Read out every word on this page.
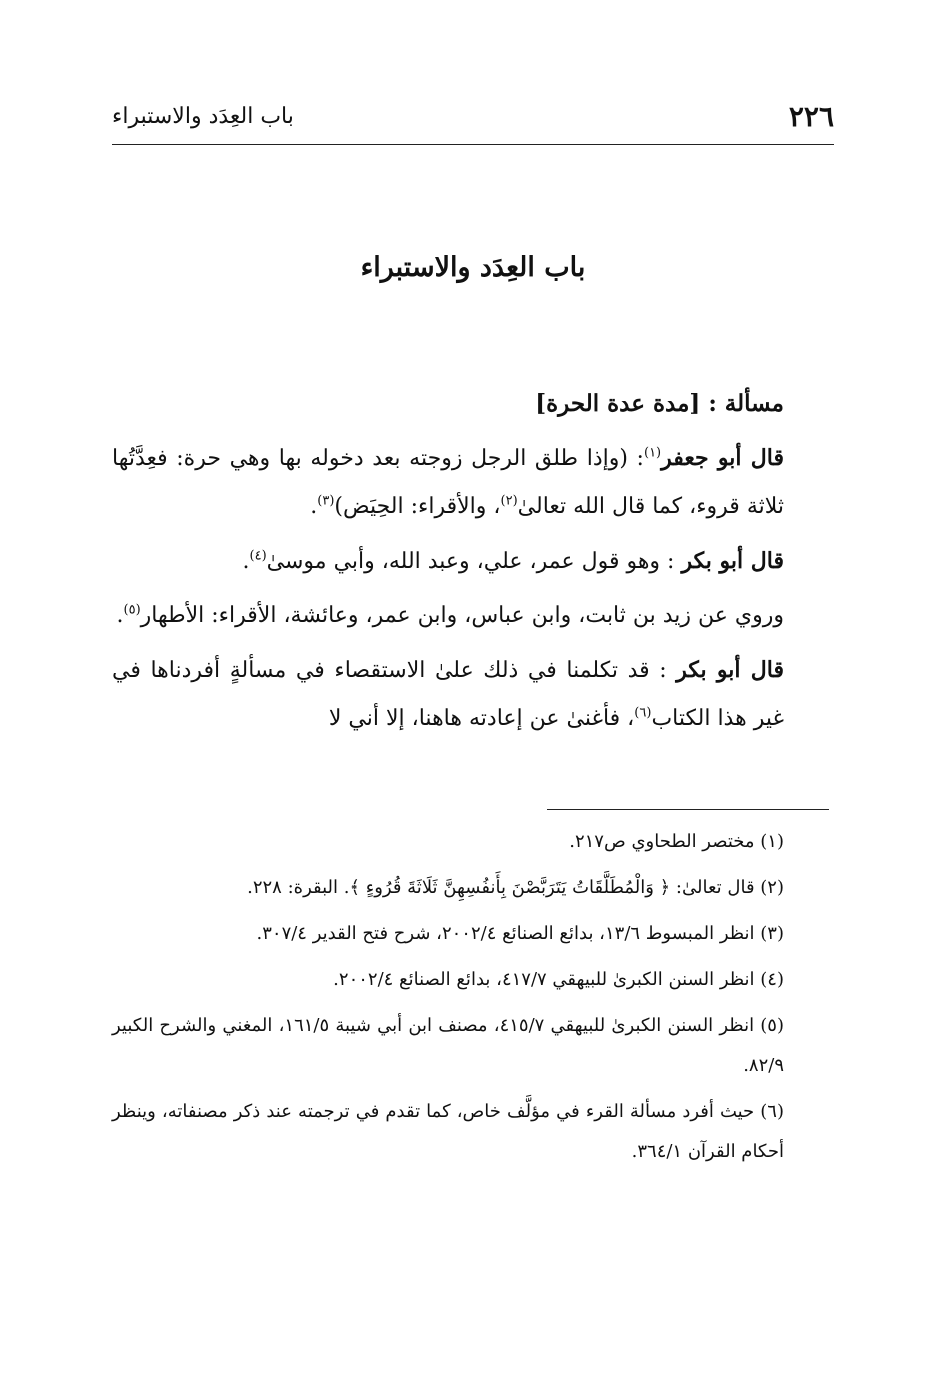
٢٢٦
باب العِدَد والاستبراء
باب العِدَد والاستبراء

مسألة : [مدة عدة الحرة]

قال أبو جعفر$^{(١)}$: (وإذا طلق الرجل زوجته بعد دخوله بها وهي حرة: فعِدَّتُها ثلاثة قروء، كما قال الله تعالىٰ$^{(٢)}$، والأقراء: الحِيَض)$^{(٣)}$.

قال أبو بكر : وهو قول عمر، علي، وعبد الله، وأبي موسىٰ$^{(٤)}$.

وروي عن زيد بن ثابت، وابن عباس، وابن عمر، وعائشة، الأقراء: الأطهار$^{(٥)}$.

قال أبو بكر : قد تكلمنا في ذلك علىٰ الاستقصاء في مسألةٍ أفردناها في غير هذا الكتاب$^{(٦)}$، فأغنىٰ عن إعادته هاهنا، إلا أني لا

(١) مختصر الطحاوي ص٢١٧.

(٢) قال تعالىٰ: ﴿ وَالْمُطَلَّقَاتُ يَتَرَبَّصْنَ بِأَنفُسِهِنَّ ثَلَاثَةَ قُرُوءٍ ﴾. البقرة: ٢٢٨.

(٣) انظر المبسوط ١٣/٦، بدائع الصنائع ٢٠٠٢/٤، شرح فتح القدير ٣٠٧/٤.

(٤) انظر السنن الكبرىٰ للبيهقي ٤١٧/٧، بدائع الصنائع ٢٠٠٢/٤.

(٥) انظر السنن الكبرىٰ للبيهقي ٤١٥/٧، مصنف ابن أبي شيبة ١٦١/٥، المغني والشرح الكبير ٨٢/٩.

(٦) حيث أفرد مسألة القرء في مؤلَّف خاص، كما تقدم في ترجمته عند ذكر مصنفاته، وينظر أحكام القرآن ٣٦٤/١.
